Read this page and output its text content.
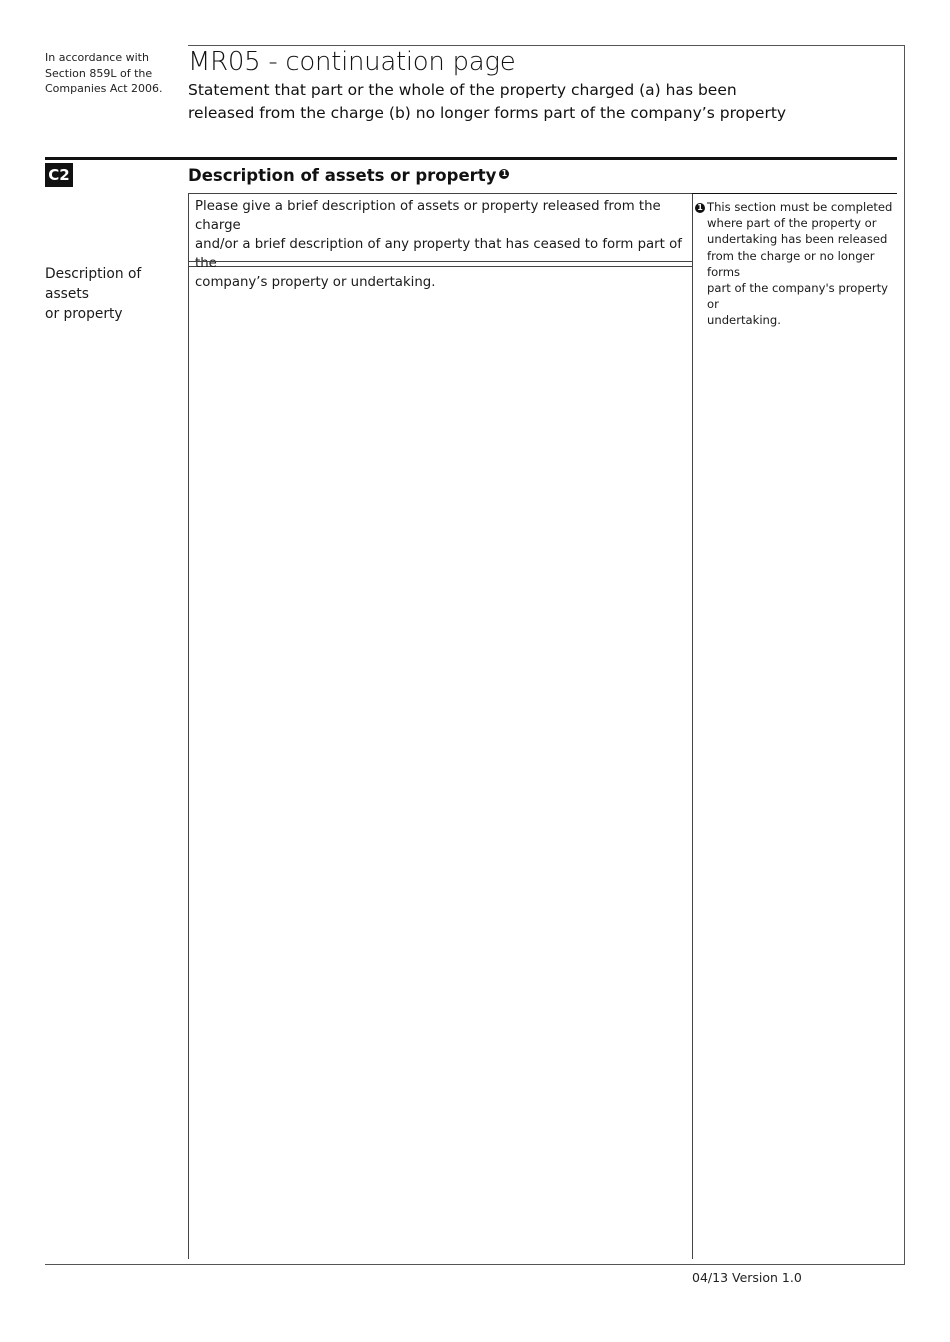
In accordance with
Section 859L of the
Companies Act 2006.
MR05 - continuation page
Statement that part or the whole of the property charged (a) has been
released from the charge (b) no longer forms part of the company’s property
C2	Description of assets or property 1
Please give a brief description of assets or property released from the charge
and/or a brief description of any property that has ceased to form part of the
company’s property or undertaking.
1 This section must be completed
where part of the property or
undertaking has been released
from the charge or no longer forms
part of the company's property or
undertaking.
Description of assets
or property
04/13 Version 1.0
